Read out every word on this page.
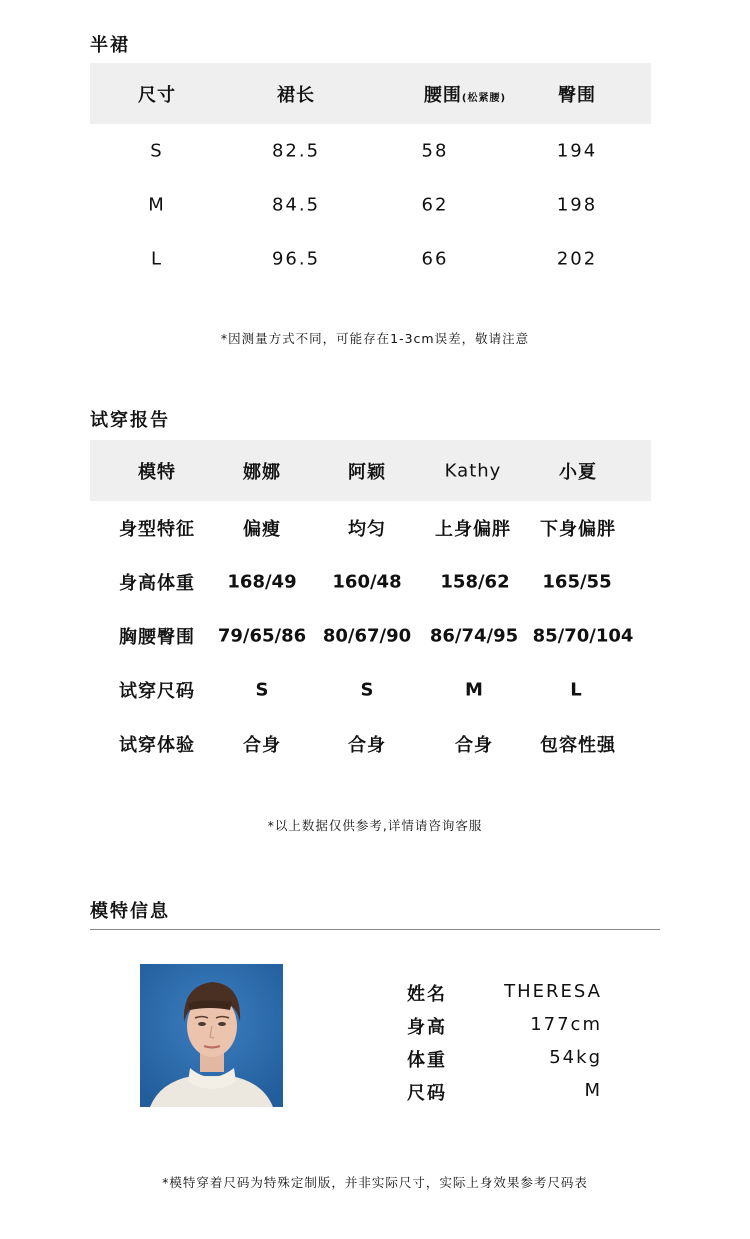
半裙
尺寸	裙长	腰围(松紧腰)	臀围
S	82.5	58	194
M	84.5	62	198
L	96.5	66	202
*因测量方式不同，可能存在1-3cm误差，敬请注意
试穿报告
模特	娜娜	阿颖	Kathy	小夏
身型特征	偏瘦	均匀	上身偏胖 下身偏胖
身高体重 168/49 160/48 158/62 165/55
胸腰臀围 79/65/86 80/67/90 86/74/95 85/70/104
试穿尺码	S	S	M	L
试穿体验	合身	合身	合身	包容性强
*以上数据仅供参考,详情请咨询客服
模特信息
姓名	THERESA
身高	177cm
体重	54kg
尺码	M
*模特穿着尺码为特殊定制版，并非实际尺寸，实际上身效果参考尺码表
